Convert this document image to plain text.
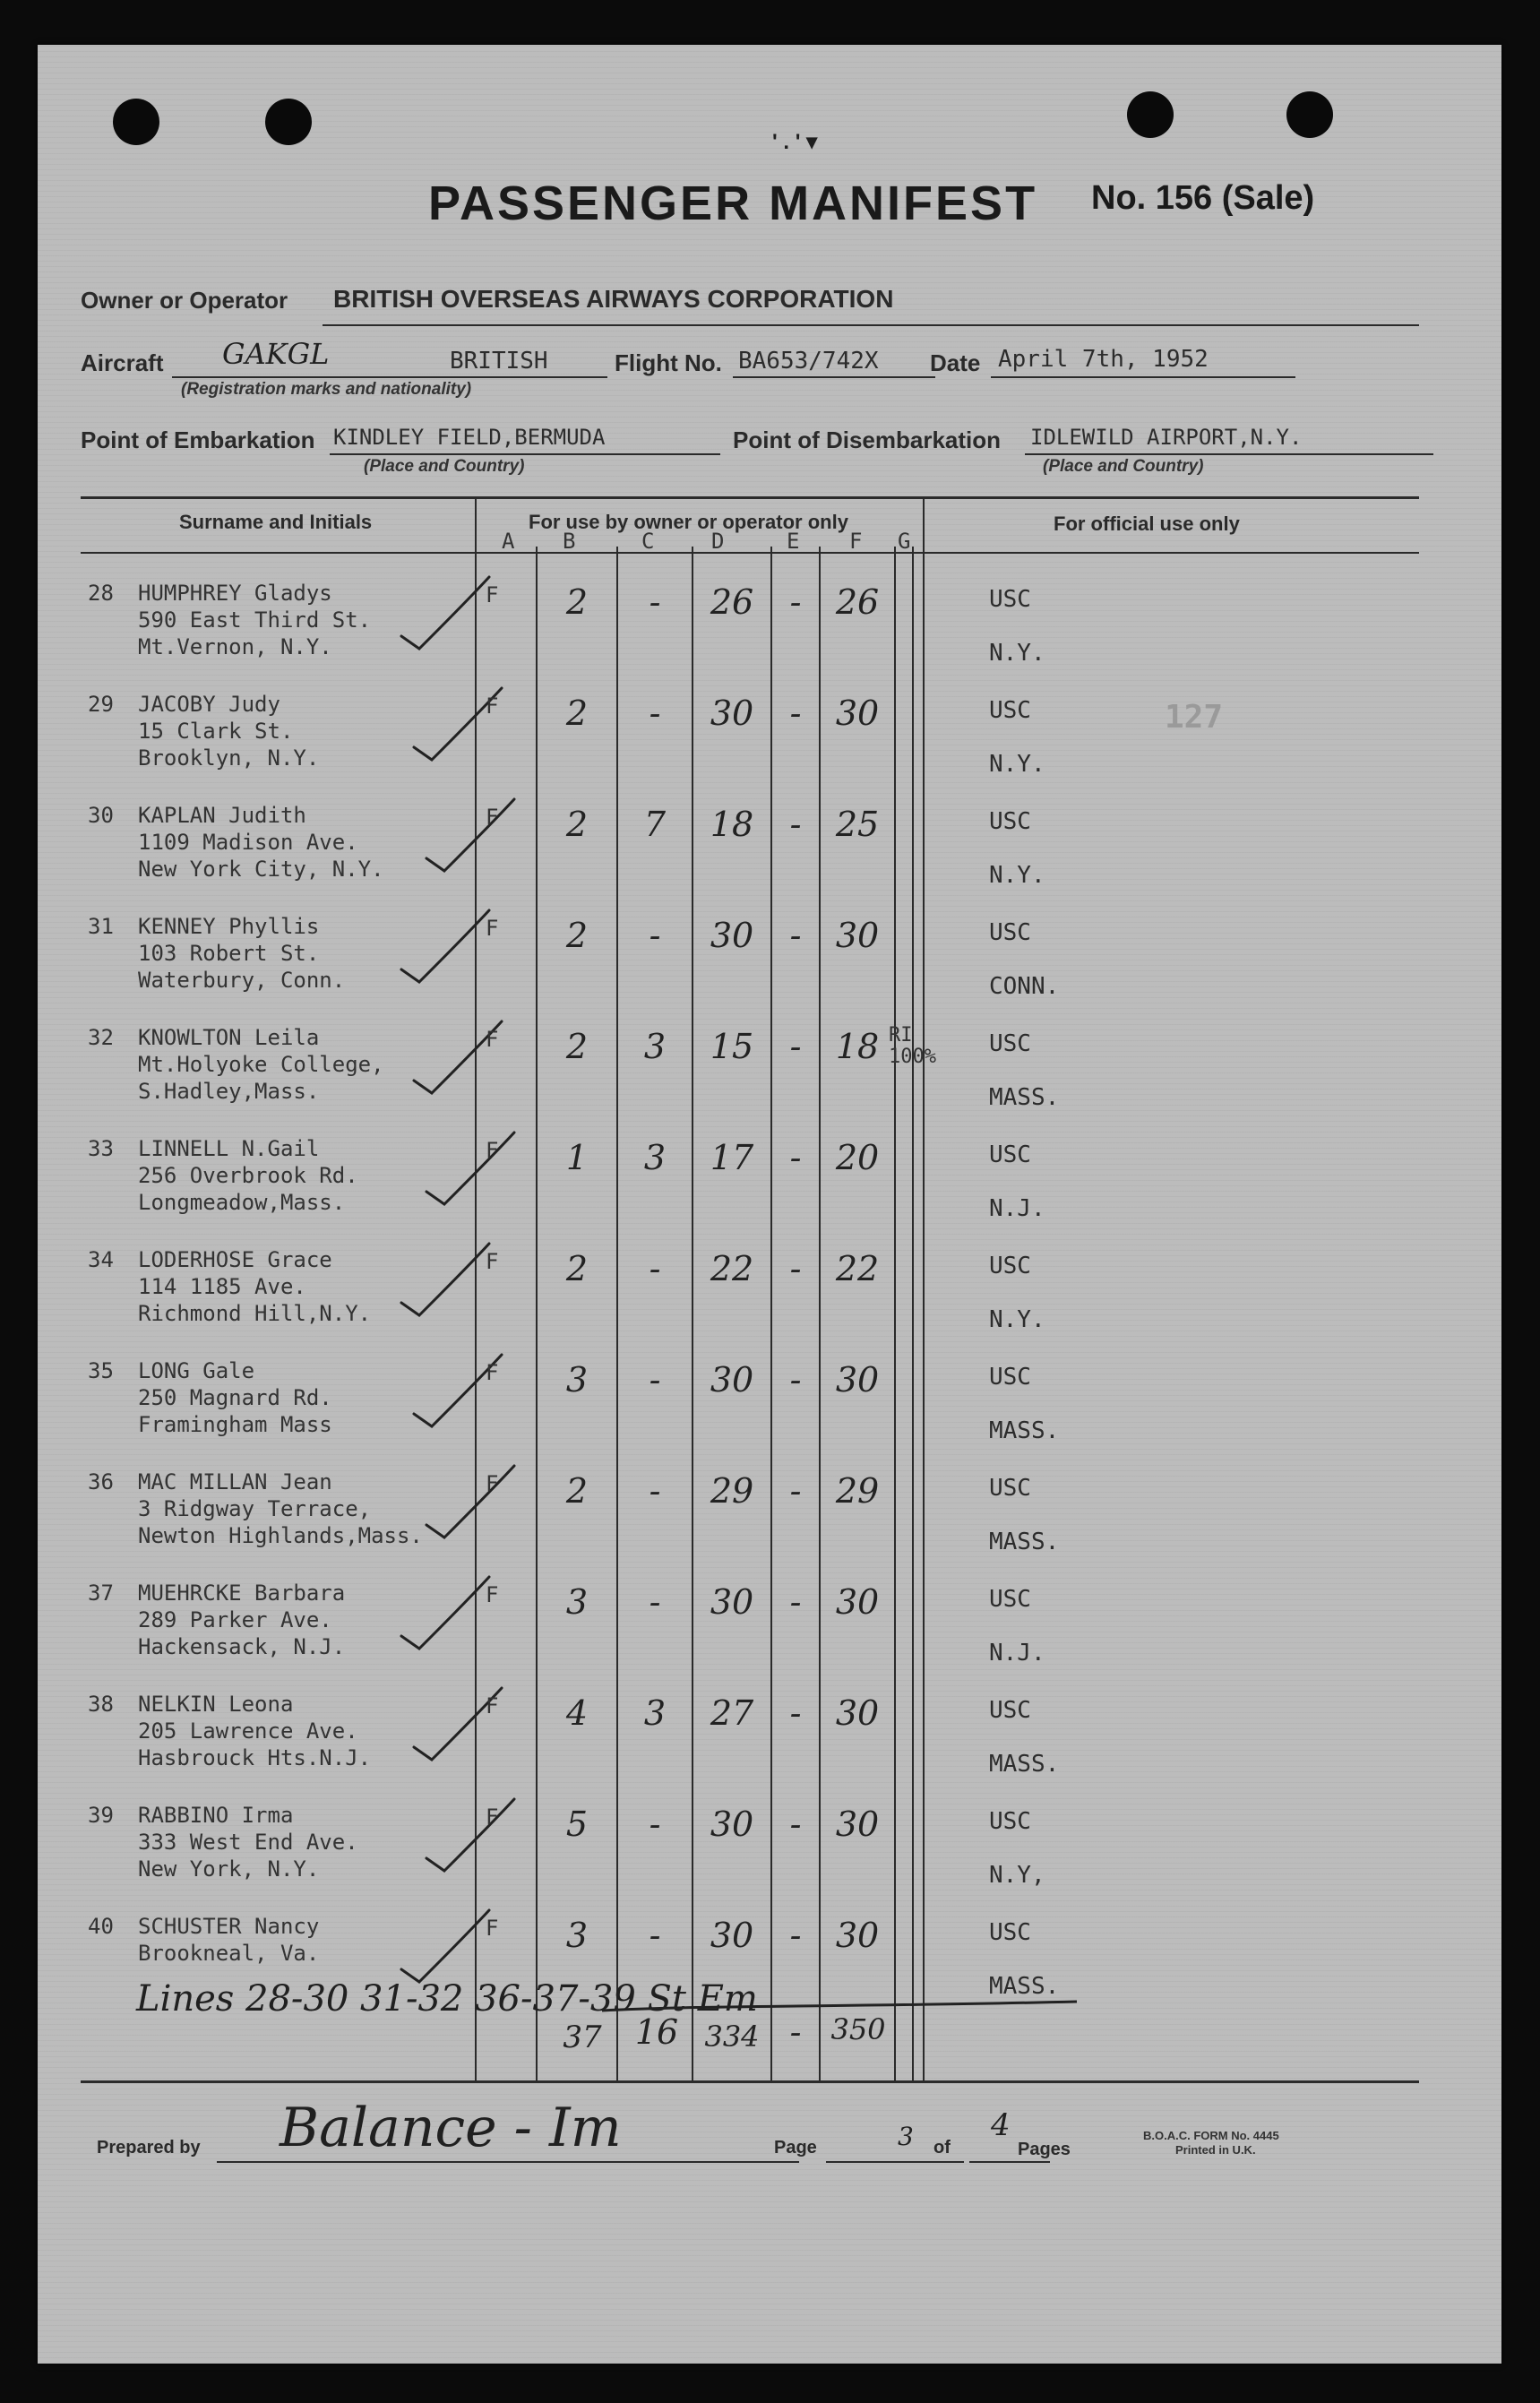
' . ' ▾
PASSENGER MANIFEST No. 156 (Sale)
Owner or Operator BRITISH OVERSEAS AIRWAYS CORPORATION
Aircraft GAKGL	BRITISH
(Registration marks and nationality)
Flight No. BA653/742X Date April 7th, 1952
Point of Embarkation KINDLEY FIELD,BERMUDA
(Place and Country)
Point of Disembarkation IDLEWILD AIRPORT,N.Y.
(Place and Country)
Surname and Initials	For use by owner or operator only
A B	C	D	E F G
For official use only
28 HUMPHREY Gladys
590 East Third St.
Mt.Vernon, N.Y.
F	2	-	26	-	26	USC
N.Y.
29 JACOBY Judy
15 Clark St.
Brooklyn, N.Y.
F	2	-	30	-	30	USC
N.Y.
30 KAPLAN Judith
1109 Madison Ave.
New York City, N.Y.
F	2	7	18	-	25	USC
N.Y.
31 KENNEY Phyllis
103 Robert St.
Waterbury, Conn.
F	2	-	30	-	30	USC
CONN.
32 KNOWLTON Leila
Mt.Holyoke College,
S.Hadley,Mass.
F	2	3	15	-	18 RI 100%	USC
MASS.
33 LINNELL N.Gail
256 Overbrook Rd.
Longmeadow,Mass.
F	1	3	17	-	20	USC
N.J.
34 LODERHOSE Grace
114 1185 Ave.
Richmond Hill,N.Y.
F	2	-	22	-	22	USC
N.Y.
35 LONG Gale
250 Magnard Rd.
Framingham Mass
F	3	-	30	-	30	USC
MASS.
36 MAC MILLAN Jean
3 Ridgway Terrace,
Newton Highlands,Mass.
F	2	-	29	-	29	USC
MASS.
37 MUEHRCKE Barbara
289 Parker Ave.
Hackensack, N.J.
F	3	-	30	-	30	USC
N.J.
38 NELKIN Leona
205 Lawrence Ave.
Hasbrouck Hts.N.J.
F	4	3	27	-	30	USC
MASS.
39 RABBINO Irma
333 West End Ave.
New York, N.Y.
F	5	-	30	-	30	USC
N.Y,
40 SCHUSTER Nancy
Brookneal, Va.
F	3	-	30	-	30	USC
MASS.
127
Lines 28-30 31-32 36-37-39 St Em
37 16 334 -	350
Prepared by Balance - Im	Page	3 of
4
Pages
B.O.A.C. FORM No. 4445
Printed in U.K.
